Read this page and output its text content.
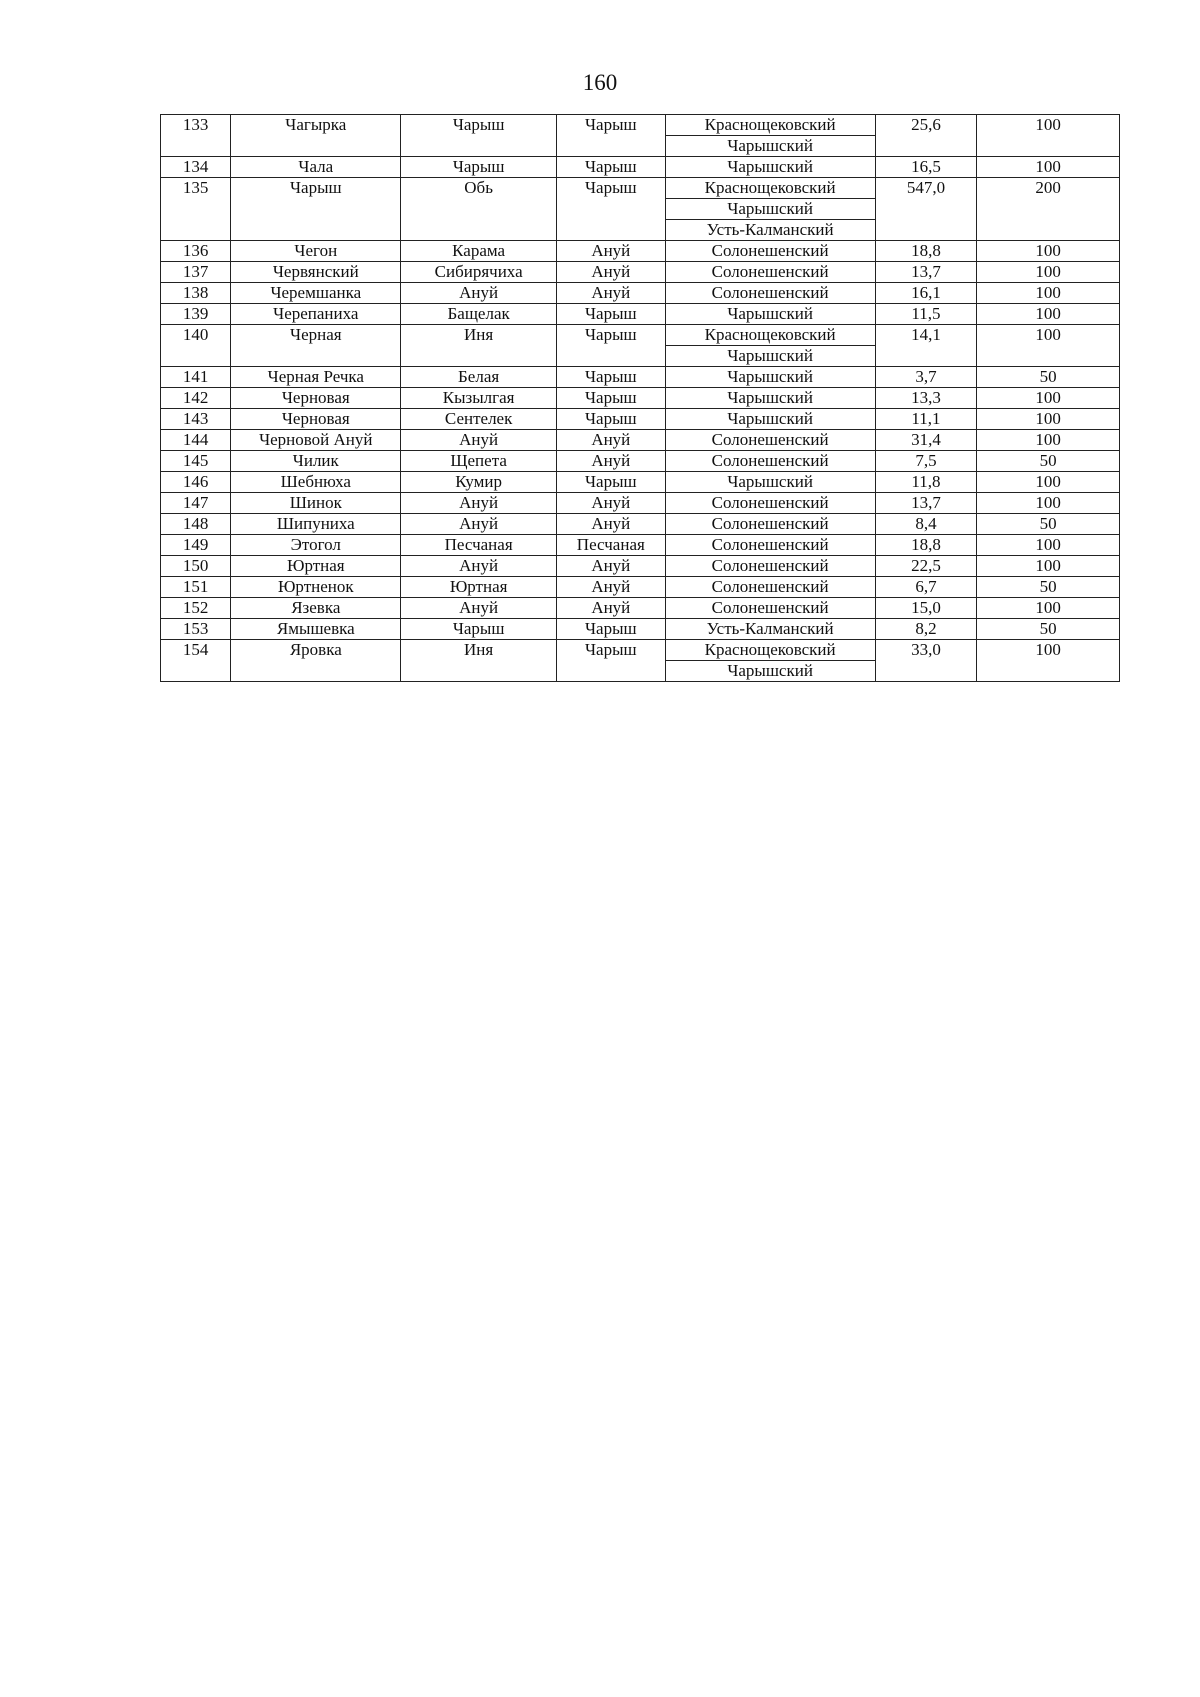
160
133	Чагырка	Чарыш	Чарыш	Краснощековский	25,6	100
				Чарышский		
134	Чала	Чарыш	Чарыш	Чарышский	16,5	100
135	Чарыш	Обь	Чарыш	Краснощековский	547,0	200
				Чарышский		
				Усть-Калманский		
136	Чегон	Карама	Ануй	Солонешенский	18,8	100
137	Червянский	Сибирячиха	Ануй	Солонешенский	13,7	100
138	Черемшанка	Ануй	Ануй	Солонешенский	16,1	100
139	Черепаниха	Бащелак	Чарыш	Чарышский	11,5	100
140	Черная	Иня	Чарыш	Краснощековский	14,1	100
				Чарышский		
141	Черная Речка	Белая	Чарыш	Чарышский	3,7	50
142	Черновая	Кызылгая	Чарыш	Чарышский	13,3	100
143	Черновая	Сентелек	Чарыш	Чарышский	11,1	100
144	Черновой Ануй	Ануй	Ануй	Солонешенский	31,4	100
145	Чилик	Щепета	Ануй	Солонешенский	7,5	50
146	Шебнюха	Кумир	Чарыш	Чарышский	11,8	100
147	Шинок	Ануй	Ануй	Солонешенский	13,7	100
148	Шипуниха	Ануй	Ануй	Солонешенский	8,4	50
149	Этогол	Песчаная	Песчаная	Солонешенский	18,8	100
150	Юртная	Ануй	Ануй	Солонешенский	22,5	100
151	Юртненок	Юртная	Ануй	Солонешенский	6,7	50
152	Язевка	Ануй	Ануй	Солонешенский	15,0	100
153	Ямышевка	Чарыш	Чарыш	Усть-Калманский	8,2	50
154	Яровка	Иня	Чарыш	Краснощековский	33,0	100
				Чарышский		
